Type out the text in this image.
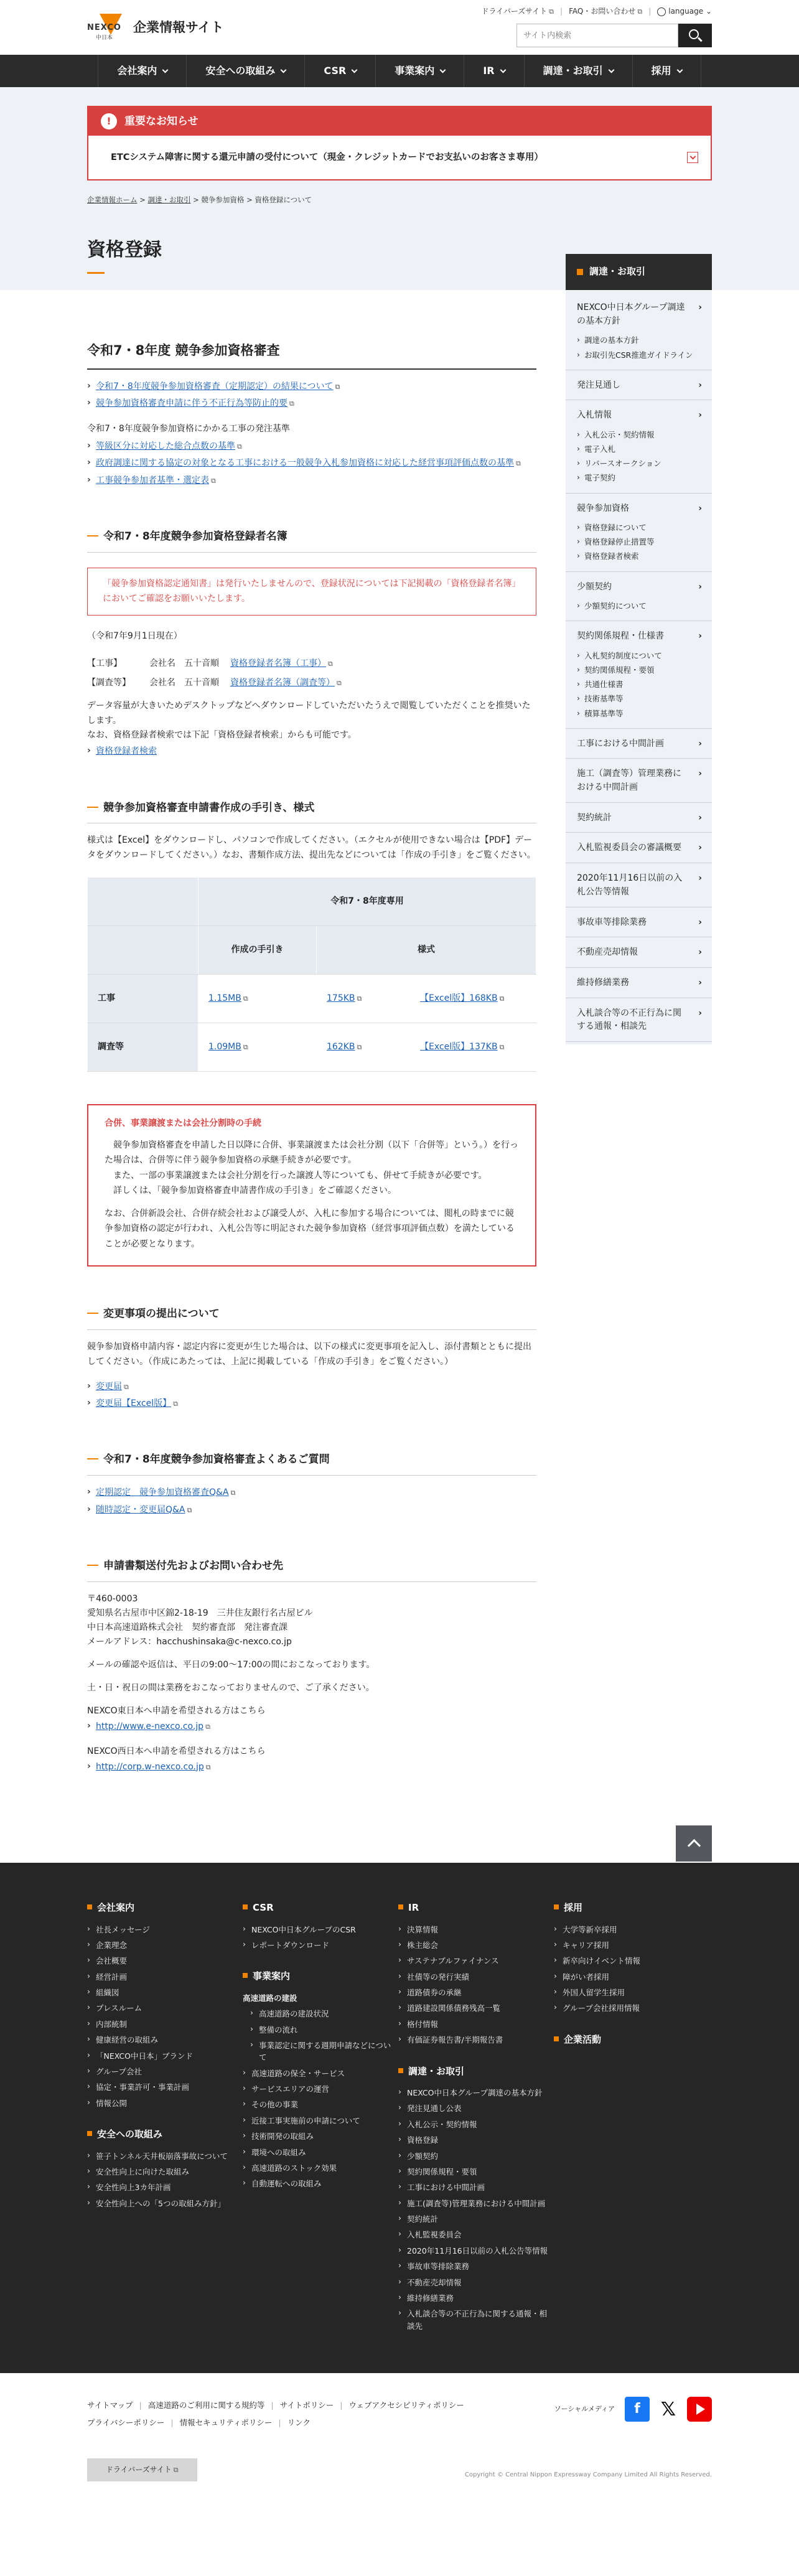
NEXCO
中日本
企業情報サイト
ドライバーズサイト ⧉	| FAQ・お問い合わせ ⧉	|	language ⌄
サイト内検索
会社案内	安全への取組み	CSR	事業案内	IR	調達・お取引	採用
!	重要なお知らせ
ETCシステム障害に関する還元申請の受付について（現金・クレジットカードでお支払いのお客さま専用）
企業情報ホーム > 調達・お取引 > 競争参加資格 > 資格登録について
資格登録
令和7・8年度 競争参加資格審査
› 令和7・8年度競争参加資格審査（定期認定）の結果について ⧉
› 競争参加資格審査申請に伴う不正行為等防止的要 ⧉

令和7・8年度競争参加資格にかかる工事の発注基準

› 等級区分に対応した総合点数の基準 ⧉
› 政府調達に関する協定の対象となる工事における一般競争入札参加資格に対応した経営事項評価点数の基準 ⧉
› 工事競争参加者基準・選定表 ⧉
令和7・8年度競争参加資格登録者名簿
「競争参加資格認定通知書」は発行いたしませんので、登録状況については下記掲載の「資格登録者名簿」においてご確認をお願いいたします。

（令和7年9月1日現在）

【工事】	会社名　五十音順	資格登録者名簿（工事） ⧉
【調査等】	会社名　五十音順	資格登録者名簿（調査等） ⧉

データ容量が大きいためデスクトップなどへダウンロードしていただいたうえで閲覧していただくことを推奨いたします。

なお、資格登録者検索では下記「資格登録者検索」からも可能です。

› 資格登録者検索
競争参加資格審査申請書作成の手引き、様式

様式は【Excel】をダウンロードし、パソコンで作成してください。（エクセルが使用できない場合は【PDF】データをダウンロードしてください。）なお、書類作成方法、提出先などについては「作成の手引き」をご覧ください。

	令和7・8年度専用		
	作成の手引き	様式	
工事	1.15MB ⧉	175KB ⧉	【Excel版】168KB ⧉
調査等	1.09MB ⧉	162KB ⧉	【Excel版】137KB ⧉
合併、事業譲渡または会社分割時の手続

競争参加資格審査を申請した日以降に合併、事業譲渡または会社分割（以下「合併等」という。）を行った場合は、合併等に伴う競争参加資格の承継手続きが必要です。

また、一部の事業譲渡または会社分割を行った譲渡人等についても、併せて手続きが必要です。

詳しくは、「競争参加資格審査申請書作成の手引き」をご確認ください。

なお、合併新設会社、合併存続会社および譲受人が、入札に参加する場合については、閲札の時までに競争参加資格の認定が行われ、入札公告等に明記された競争参加資格（経営事項評価点数）を満たしていることが必要となります。

変更事項の提出について

競争参加資格申請内容・認定内容に変更が生じた場合は、以下の様式に変更事項を記入し、添付書類とともに提出してください。（作成にあたっては、上記に掲載している「作成の手引き」をご覧ください。）

› 変更届 ⧉
› 変更届【Excel版】 ⧉
令和7・8年度競争参加資格審査よくあるご質問
› 定期認定　競争参加資格審査Q&A ⧉
› 随時認定・変更届Q&A ⧉
申請書類送付先およびお問い合わせ先
〒460-0003
愛知県名古屋市中区錦2-18-19　三井住友銀行名古屋ビル
中日本高速道路株式会社　契約審査部　発注審査課
メールアドレス：hacchushinsaka@c-nexco.co.jp

メールの確認や返信は、平日の9:00〜17:00の間におこなっております。

土・日・祝日の間は業務をおこなっておりませんので、ご了承ください。

NEXCO東日本へ申請を希望される方はこちら

› http://www.e-nexco.co.jp ⧉

NEXCO西日本へ申請を希望される方はこちら

› http://corp.w-nexco.co.jp ⧉
調達・お取引
NEXCO中日本グループ調達の基本方針 ›
› 調達の基本方針
› お取引先CSR推進ガイドライン
発注見通し ›
入札情報 ›
› 入札公示・契約情報
› 電子入札
› リバースオークション
› 電子契約
競争参加資格 ›
› 資格登録について
› 資格登録停止措置等
› 資格登録者検索
少額契約 ›
› 少額契約について
契約関係規程・仕様書 ›
› 入札契約制度について
› 契約関係規程・要領
› 共通仕様書
› 技術基準等
› 積算基準等
工事における中間計画 ›
施工（調査等）管理業務における中間計画 ›
契約統計 ›
入札監視委員会の審議概要 ›
2020年11月16日以前の入札公告等情報 ›
事故車等排除業務 ›
不動産売却情報 ›
維持修繕業務 ›
入札談合等の不正行為に関する通報・相談先 ›
会社案内
› 社長メッセージ
› 企業理念
› 会社概要
› 経営計画
› 組織図
› プレスルーム
› 内部統制
› 健康経営の取組み
› 「NEXCO中日本」ブランド
› グループ会社
› 協定・事業許可・事業計画
› 情報公開
安全への取組み
› 笹子トンネル天井板崩落事故について
› 安全性向上に向けた取組み
› 安全性向上3カ年計画
› 安全性向上への「5つの取組み方針」
CSR
› NEXCO中日本グループのCSR
› レポートダウンロード
事業案内
高速道路の建設
› 高速道路の建設状況
› 整備の流れ
› 事業認定に関する週期申請などについて
› 高速道路の保全・サービス
› サービスエリアの運営
› その他の事業
› 近接工事実施前の申請について
› 技術開発の取組み
› 環境への取組み
› 高速道路のストック効果
› 自動運転への取組み
IR
› 決算情報
› 株主総会
› サステナブルファイナンス
› 社債等の発行実績
› 道路債券の承継
› 道路建設関係債務残高一覧
› 格付情報
› 有価証券報告書/半期報告書
調達・お取引
› NEXCO中日本グループ調達の基本方針
› 発注見通し公表
› 入札公示・契約情報
› 資格登録
› 少額契約
› 契約関係規程・要領
› 工事における中間計画
› 施工(調査等)管理業務における中間計画
› 契約統計
› 入札監視委員会
› 2020年11月16日以前の入札公告等情報
› 事故車等排除業務
› 不動産売却情報
› 維持修繕業務
› 入札談合等の不正行為に関する通報・相談先
採用
› 大学等新卒採用
› キャリア採用
› 新卒向けイベント情報
› 障がい者採用
› 外国人留学生採用
› グループ会社採用情報
企業活動
サイトマップ | 高速道路のご利用に関する規約等 | サイトポリシー | ウェブアクセシビリティポリシー
プライバシーポリシー | 情報セキュリティポリシー | リンク
ソーシャルメディア	f	𝕏
ドライバーズサイト ⧉
Copyright © Central Nippon Expressway Company Limited All Rights Reserved.
